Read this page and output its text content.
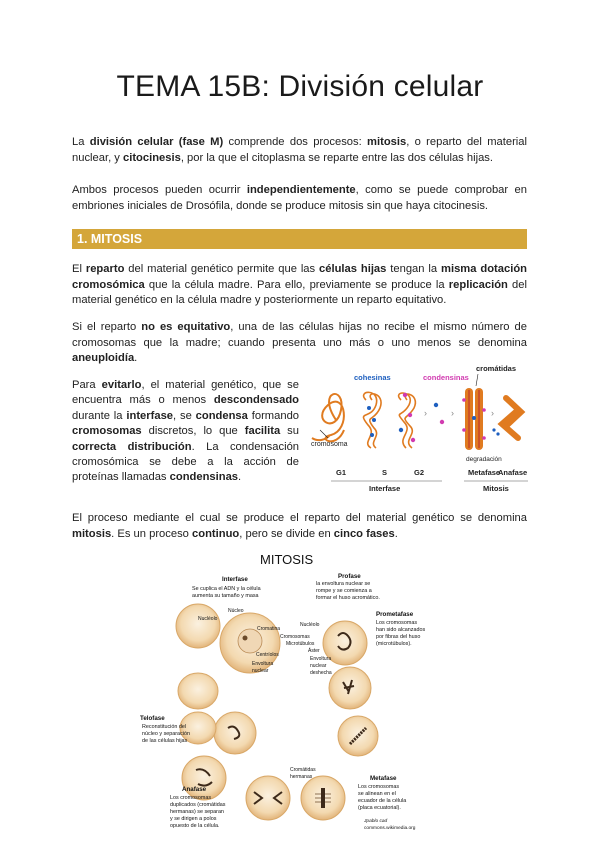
TEMA 15B: División celular

La división celular (fase M) comprende dos procesos: mitosis, o reparto del material nuclear, y citocinesis, por la que el citoplasma se reparte entre las dos células hijas.

Ambos procesos pueden ocurrir independientemente, como se puede comprobar en embriones iniciales de Drosófila, donde se produce mitosis sin que haya citocinesis.

1. MITOSIS

El reparto del material genético permite que las células hijas tengan la misma dotación cromosómica que la célula madre. Para ello, previamente se produce la replicación del material genético en la célula madre y posteriormente un reparto equitativo.

Si el reparto no es equitativo, una de las células hijas no recibe el mismo número de cromosomas que la madre; cuando presenta uno más o uno menos se denomina aneuploidía.

Para evitarlo, el material genético, que se encuentra más o menos descondensado durante la interfase, se condensa formando cromosomas discretos, lo que facilita su correcta distribución. La condensación cromosómica se debe a la acción de proteínas llamadas condensinas.

cohesinas	condensinas
cromátidas
cromosoma
›	›	›
degradación
G1	S	G2	Metafase
Anafase
Interfase	Mitosis

El proceso mediante el cual se produce el reparto del material genético se denomina mitosis. Es un proceso continuo, pero se divide en cinco fases.

MITOSIS
Interfase
Se cuplica el ADN y la célula
aumenta su tamaño y masa
Profase
la envoltura nuclear se
rompe y se comienza a
formar el huso acromático.
Prometafase
Los cromosomas
han sido alcanzados
por fibras del huso
(microtúbulos).
Metafase
Los cromosomas
se alinean en el
ecuador de la célula
(placa ecuatorial).
Anafase
Los cromosomas
duplicados (cromátidas
hermanas) se separan
y se dirigen a polos
opuesto de la célula.
Telofase
Reconstitución del
núcleo y separación
de las células hijas
Nucléolo
Núcleo
Cromatina
Centríolos
Envoltura
nuclear
Nucléolo
Cromosomas
Microtúbulos
Áster
Envoltura
nuclear
deshecha
Cromátidas
hermanas
Jpablo cad
commons.wikimedia.org
